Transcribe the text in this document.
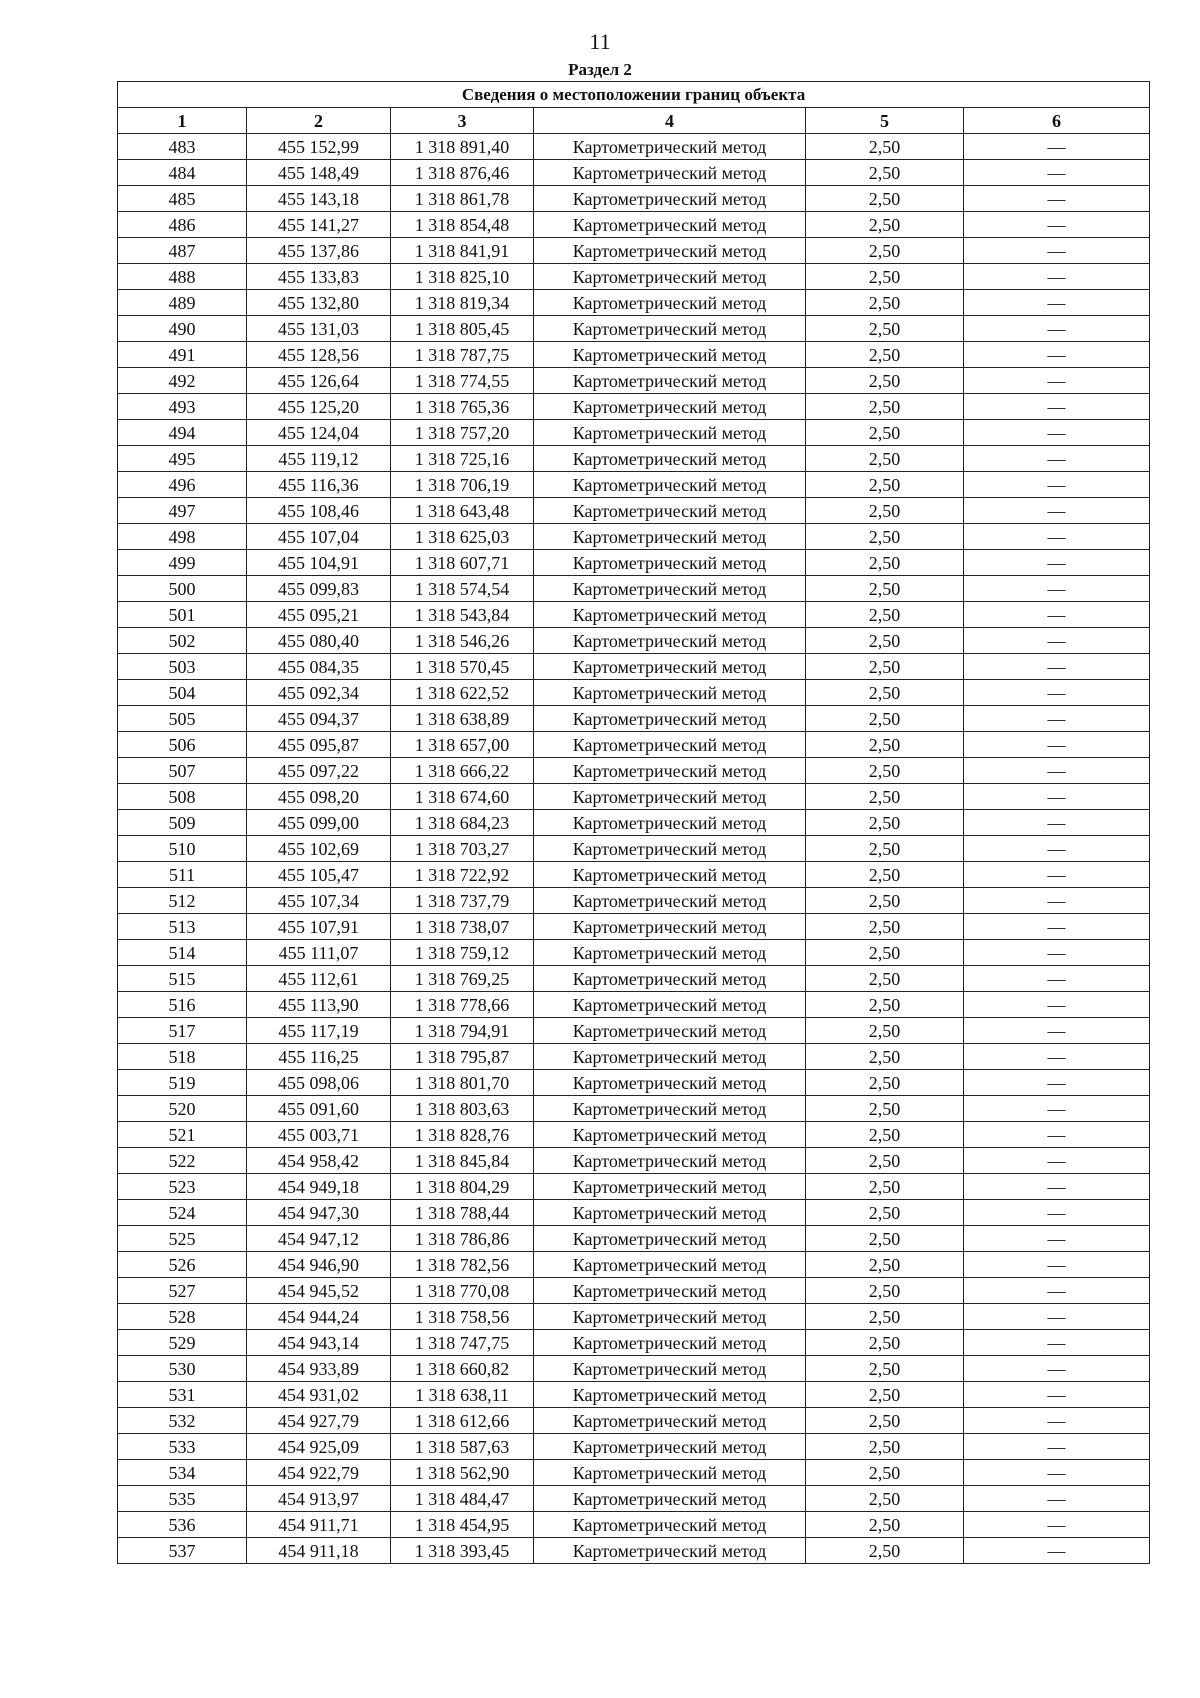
11
Раздел 2
Сведения о местоположении границ объекта					
1	2	3	4	5	6
483	455 152,99	1 318 891,40	Картометрический метод	2,50	—
484	455 148,49	1 318 876,46	Картометрический метод	2,50	—
485	455 143,18	1 318 861,78	Картометрический метод	2,50	—
486	455 141,27	1 318 854,48	Картометрический метод	2,50	—
487	455 137,86	1 318 841,91	Картометрический метод	2,50	—
488	455 133,83	1 318 825,10	Картометрический метод	2,50	—
489	455 132,80	1 318 819,34	Картометрический метод	2,50	—
490	455 131,03	1 318 805,45	Картометрический метод	2,50	—
491	455 128,56	1 318 787,75	Картометрический метод	2,50	—
492	455 126,64	1 318 774,55	Картометрический метод	2,50	—
493	455 125,20	1 318 765,36	Картометрический метод	2,50	—
494	455 124,04	1 318 757,20	Картометрический метод	2,50	—
495	455 119,12	1 318 725,16	Картометрический метод	2,50	—
496	455 116,36	1 318 706,19	Картометрический метод	2,50	—
497	455 108,46	1 318 643,48	Картометрический метод	2,50	—
498	455 107,04	1 318 625,03	Картометрический метод	2,50	—
499	455 104,91	1 318 607,71	Картометрический метод	2,50	—
500	455 099,83	1 318 574,54	Картометрический метод	2,50	—
501	455 095,21	1 318 543,84	Картометрический метод	2,50	—
502	455 080,40	1 318 546,26	Картометрический метод	2,50	—
503	455 084,35	1 318 570,45	Картометрический метод	2,50	—
504	455 092,34	1 318 622,52	Картометрический метод	2,50	—
505	455 094,37	1 318 638,89	Картометрический метод	2,50	—
506	455 095,87	1 318 657,00	Картометрический метод	2,50	—
507	455 097,22	1 318 666,22	Картометрический метод	2,50	—
508	455 098,20	1 318 674,60	Картометрический метод	2,50	—
509	455 099,00	1 318 684,23	Картометрический метод	2,50	—
510	455 102,69	1 318 703,27	Картометрический метод	2,50	—
511	455 105,47	1 318 722,92	Картометрический метод	2,50	—
512	455 107,34	1 318 737,79	Картометрический метод	2,50	—
513	455 107,91	1 318 738,07	Картометрический метод	2,50	—
514	455 111,07	1 318 759,12	Картометрический метод	2,50	—
515	455 112,61	1 318 769,25	Картометрический метод	2,50	—
516	455 113,90	1 318 778,66	Картометрический метод	2,50	—
517	455 117,19	1 318 794,91	Картометрический метод	2,50	—
518	455 116,25	1 318 795,87	Картометрический метод	2,50	—
519	455 098,06	1 318 801,70	Картометрический метод	2,50	—
520	455 091,60	1 318 803,63	Картометрический метод	2,50	—
521	455 003,71	1 318 828,76	Картометрический метод	2,50	—
522	454 958,42	1 318 845,84	Картометрический метод	2,50	—
523	454 949,18	1 318 804,29	Картометрический метод	2,50	—
524	454 947,30	1 318 788,44	Картометрический метод	2,50	—
525	454 947,12	1 318 786,86	Картометрический метод	2,50	—
526	454 946,90	1 318 782,56	Картометрический метод	2,50	—
527	454 945,52	1 318 770,08	Картометрический метод	2,50	—
528	454 944,24	1 318 758,56	Картометрический метод	2,50	—
529	454 943,14	1 318 747,75	Картометрический метод	2,50	—
530	454 933,89	1 318 660,82	Картометрический метод	2,50	—
531	454 931,02	1 318 638,11	Картометрический метод	2,50	—
532	454 927,79	1 318 612,66	Картометрический метод	2,50	—
533	454 925,09	1 318 587,63	Картометрический метод	2,50	—
534	454 922,79	1 318 562,90	Картометрический метод	2,50	—
535	454 913,97	1 318 484,47	Картометрический метод	2,50	—
536	454 911,71	1 318 454,95	Картометрический метод	2,50	—
537	454 911,18	1 318 393,45	Картометрический метод	2,50	—
